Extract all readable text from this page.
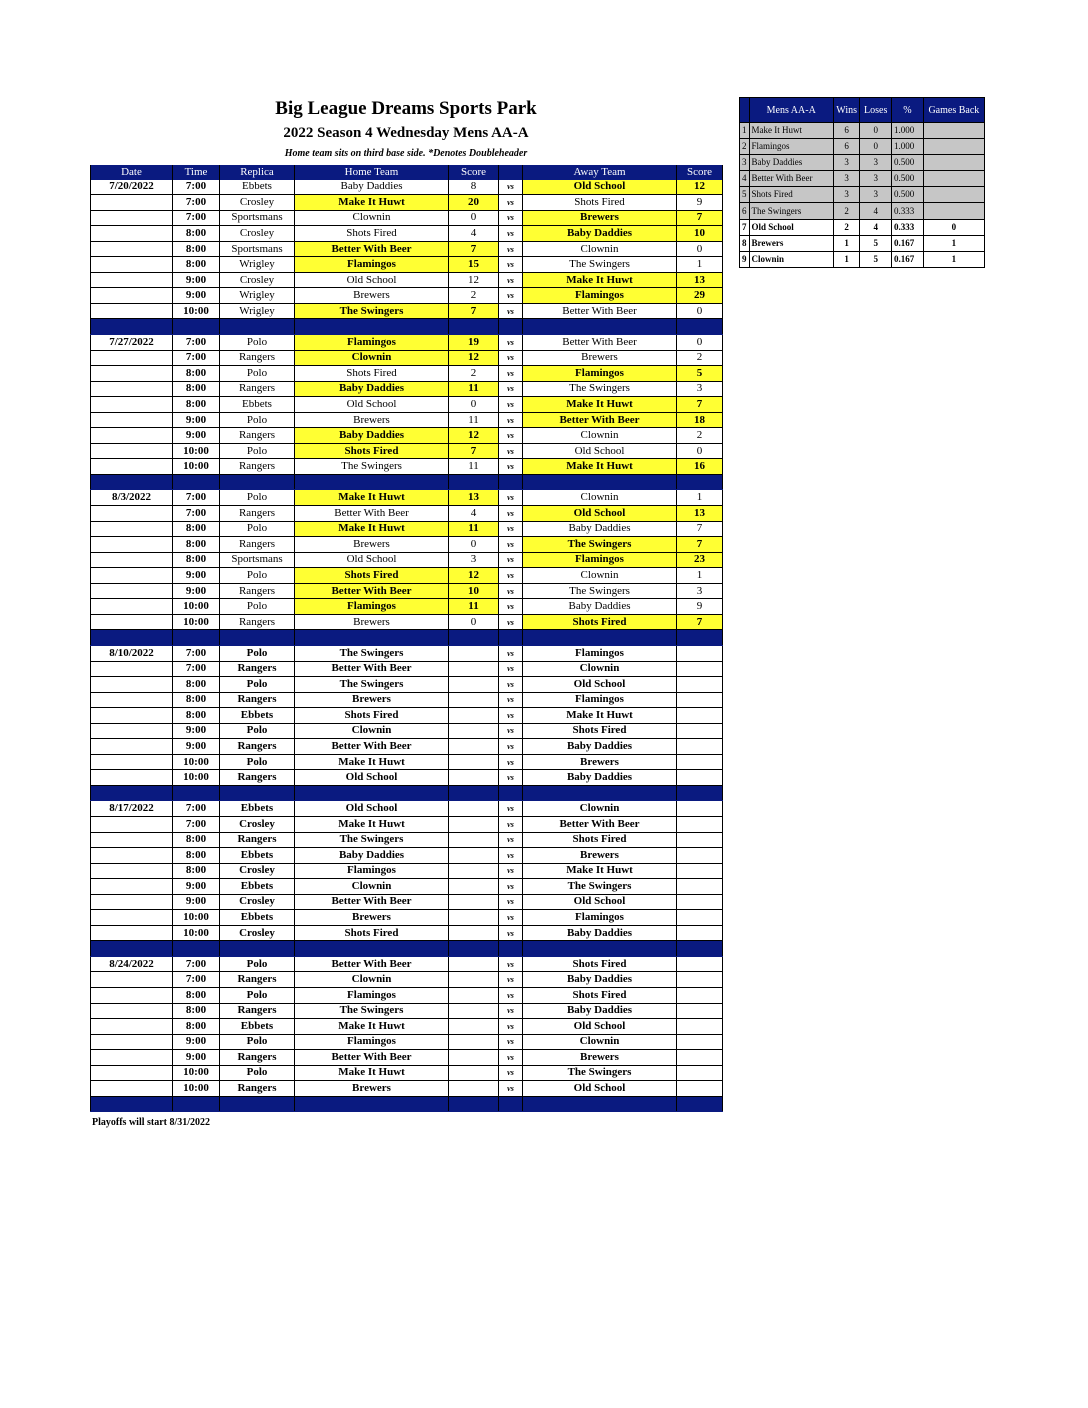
Big League Dreams Sports Park
2022 Season 4 Wednesday Mens AA-A
Home team sits on third base side. *Denotes Doubleheader
Date	Time	Replica	Home Team	Score		Away Team	Score
7/20/2022	7:00	Ebbets	Baby Daddies	8	vs	Old School	12
	7:00	Crosley	Make It Huwt	20	vs	Shots Fired	9
	7:00	Sportsmans	Clownin	0	vs	Brewers	7
	8:00	Crosley	Shots Fired	4	vs	Baby Daddies	10
	8:00	Sportsmans	Better With Beer	7	vs	Clownin	0
	8:00	Wrigley	Flamingos	15	vs	The Swingers	1
	9:00	Crosley	Old School	12	vs	Make It Huwt	13
	9:00	Wrigley	Brewers	2	vs	Flamingos	29
	10:00	Wrigley	The Swingers	7	vs	Better With Beer	0

7/27/2022	7:00	Polo	Flamingos	19	vs	Better With Beer	0
	7:00	Rangers	Clownin	12	vs	Brewers	2
	8:00	Polo	Shots Fired	2	vs	Flamingos	5
	8:00	Rangers	Baby Daddies	11	vs	The Swingers	3
	8:00	Ebbets	Old School	0	vs	Make It Huwt	7
	9:00	Polo	Brewers	11	vs	Better With Beer	18
	9:00	Rangers	Baby Daddies	12	vs	Clownin	2
	10:00	Polo	Shots Fired	7	vs	Old School	0
	10:00	Rangers	The Swingers	11	vs	Make It Huwt	16

8/3/2022	7:00	Polo	Make It Huwt	13	vs	Clownin	1
	7:00	Rangers	Better With Beer	4	vs	Old School	13
	8:00	Polo	Make It Huwt	11	vs	Baby Daddies	7
	8:00	Rangers	Brewers	0	vs	The Swingers	7
	8:00	Sportsmans	Old School	3	vs	Flamingos	23
	9:00	Polo	Shots Fired	12	vs	Clownin	1
	9:00	Rangers	Better With Beer	10	vs	The Swingers	3
	10:00	Polo	Flamingos	11	vs	Baby Daddies	9
	10:00	Rangers	Brewers	0	vs	Shots Fired	7

8/10/2022	7:00	Polo	The Swingers		vs	Flamingos	
	7:00	Rangers	Better With Beer		vs	Clownin	
	8:00	Polo	The Swingers		vs	Old School	
	8:00	Rangers	Brewers		vs	Flamingos	
	8:00	Ebbets	Shots Fired		vs	Make It Huwt	
	9:00	Polo	Clownin		vs	Shots Fired	
	9:00	Rangers	Better With Beer		vs	Baby Daddies	
	10:00	Polo	Make It Huwt		vs	Brewers	
	10:00	Rangers	Old School		vs	Baby Daddies	

8/17/2022	7:00	Ebbets	Old School		vs	Clownin	
	7:00	Crosley	Make It Huwt		vs	Better With Beer	
	8:00	Rangers	The Swingers		vs	Shots Fired	
	8:00	Ebbets	Baby Daddies		vs	Brewers	
	8:00	Crosley	Flamingos		vs	Make It Huwt	
	9:00	Ebbets	Clownin		vs	The Swingers	
	9:00	Crosley	Better With Beer		vs	Old School	
	10:00	Ebbets	Brewers		vs	Flamingos	
	10:00	Crosley	Shots Fired		vs	Baby Daddies	

8/24/2022	7:00	Polo	Better With Beer		vs	Shots Fired	
	7:00	Rangers	Clownin		vs	Baby Daddies	
	8:00	Polo	Flamingos		vs	Shots Fired	
	8:00	Rangers	The Swingers		vs	Baby Daddies	
	8:00	Ebbets	Make It Huwt		vs	Old School	
	9:00	Polo	Flamingos		vs	Clownin	
	9:00	Rangers	Better With Beer		vs	Brewers	
	10:00	Polo	Make It Huwt		vs	The Swingers	
	10:00	Rangers	Brewers		vs	Old School	

Playoffs will start 8/31/2022
	Mens AA-A	Wins	Loses	%	Games Back
1	Make It Huwt	6	0	1.000	
2	Flamingos	6	0	1.000	
3	Baby Daddies	3	3	0.500	
4	Better With Beer	3	3	0.500	
5	Shots Fired	3	3	0.500	
6	The Swingers	2	4	0.333	
7	Old School	2	4	0.333	0
8	Brewers	1	5	0.167	1
9	Clownin	1	5	0.167	1
